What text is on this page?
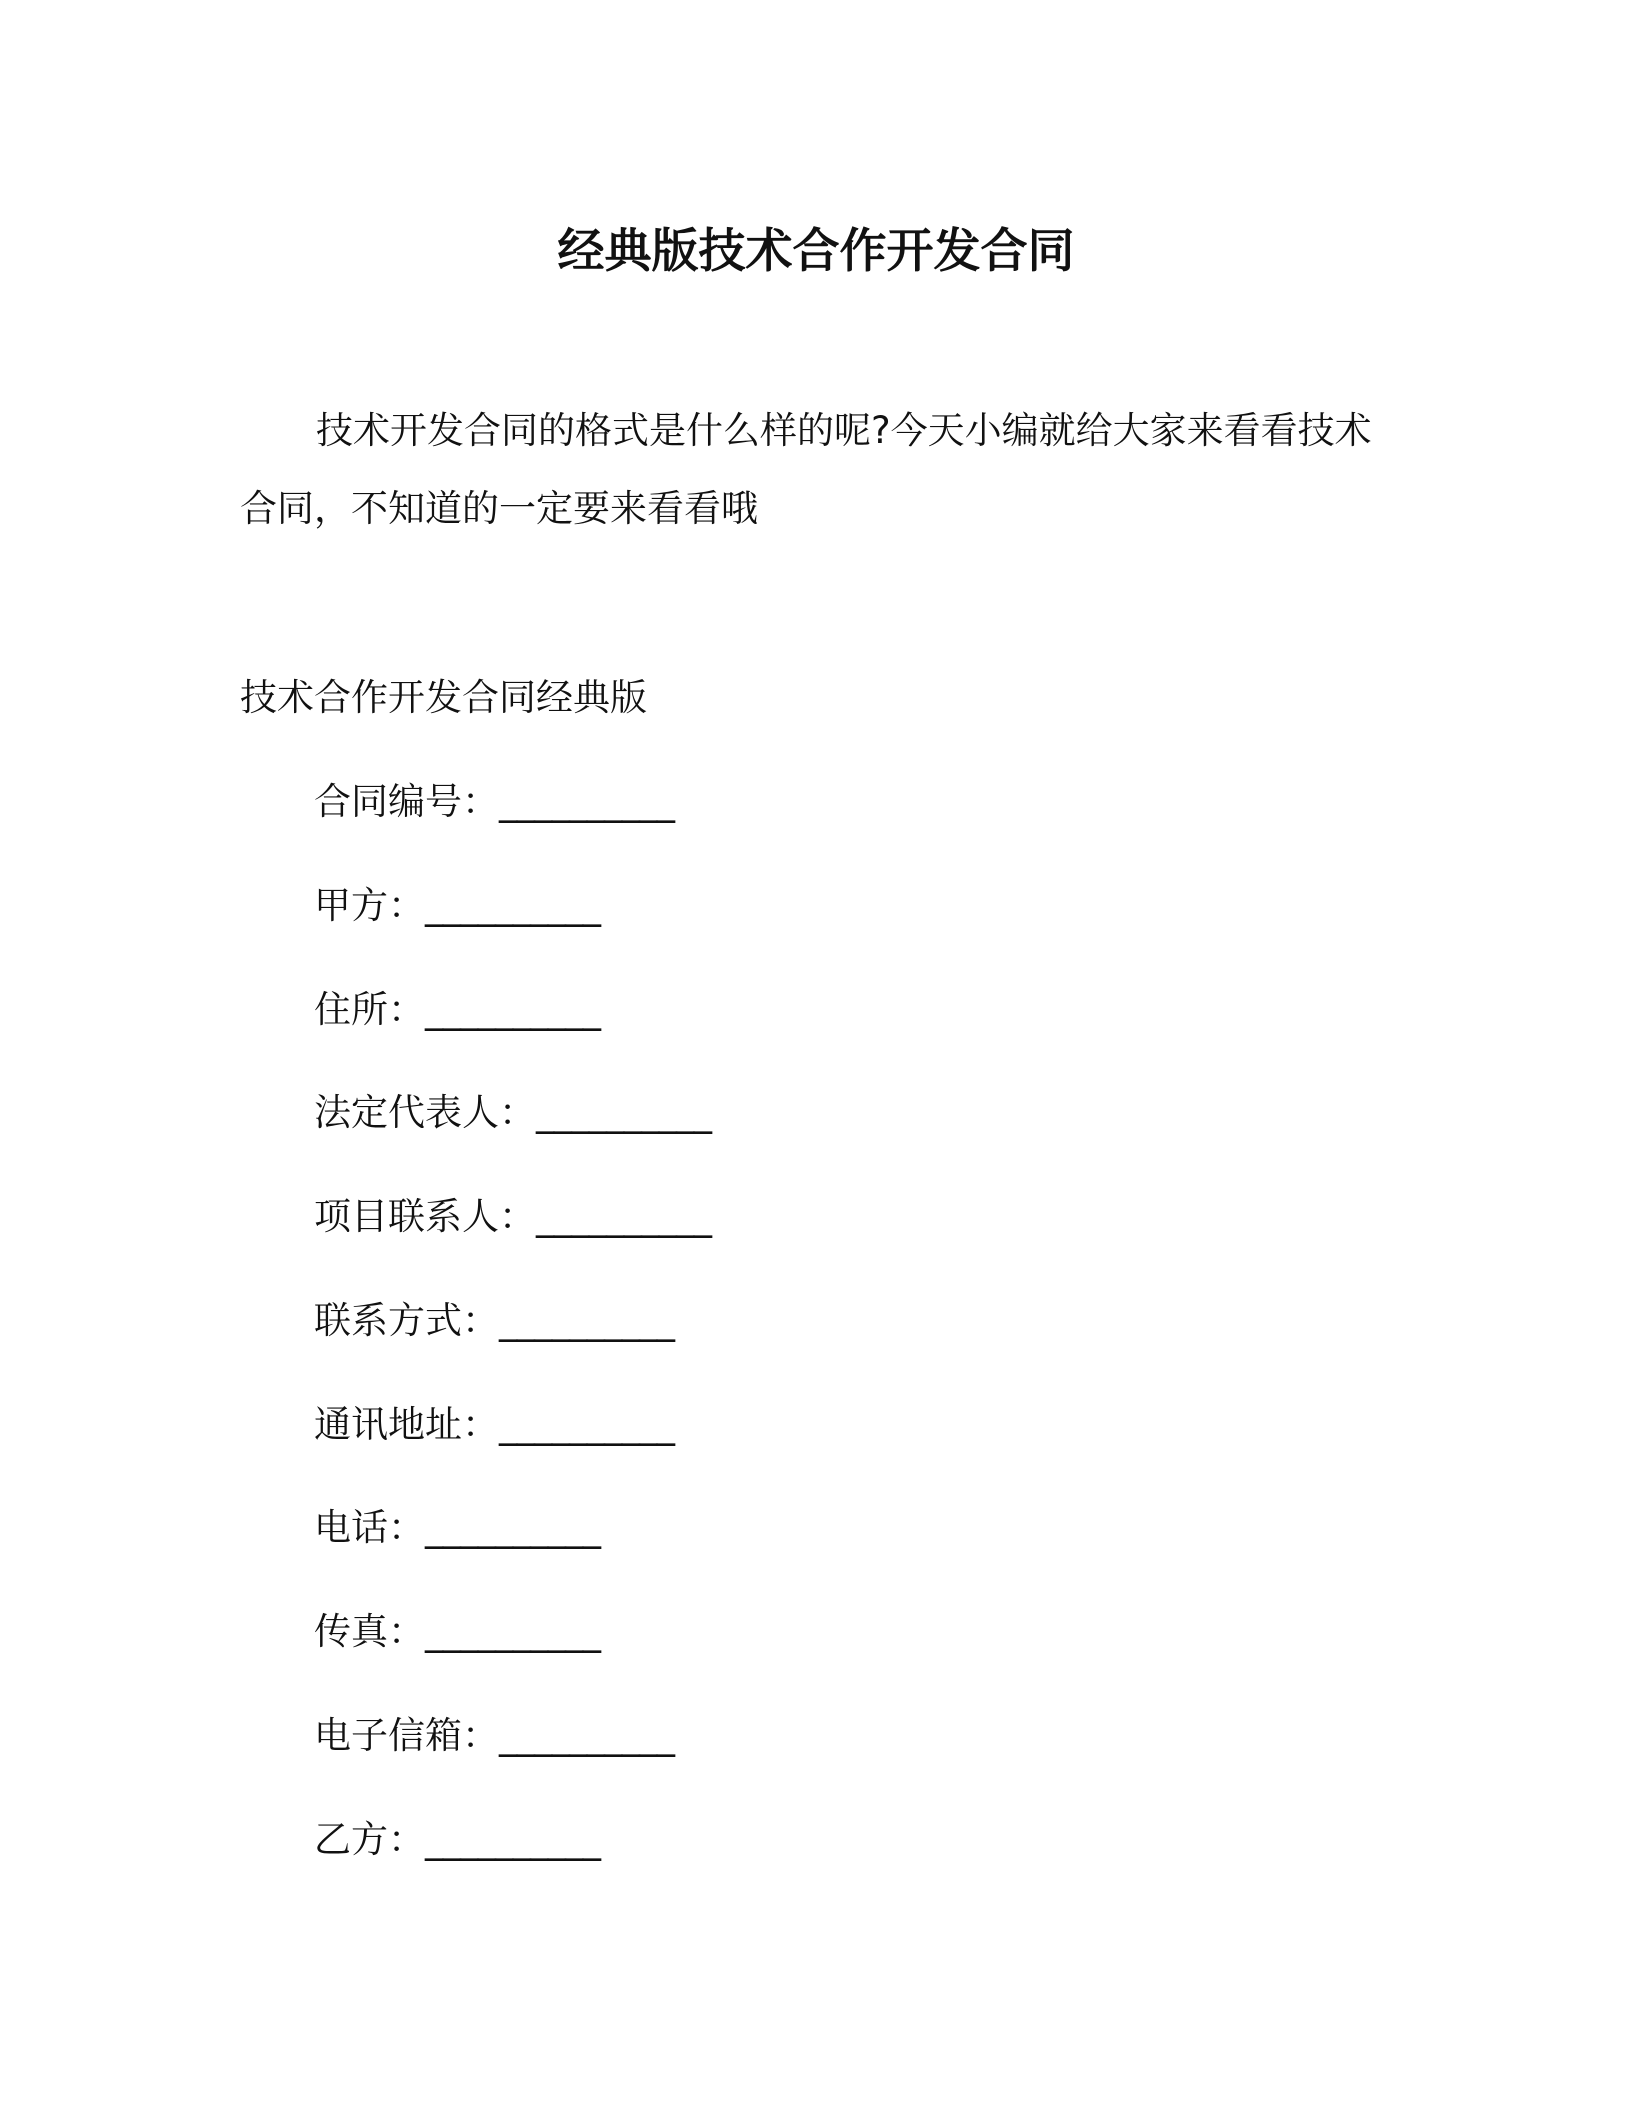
经典版技术合作开发合同

技术开发合同的格式是什么样的呢?今天小编就给大家来看看技术合同，不知道的一定要来看看哦

技术合作开发合同经典版
合同编号：__________
甲方：__________
住所：__________
法定代表人：__________
项目联系人：__________
联系方式：__________
通讯地址：__________
电话：__________
传真：__________
电子信箱：__________
乙方：__________
